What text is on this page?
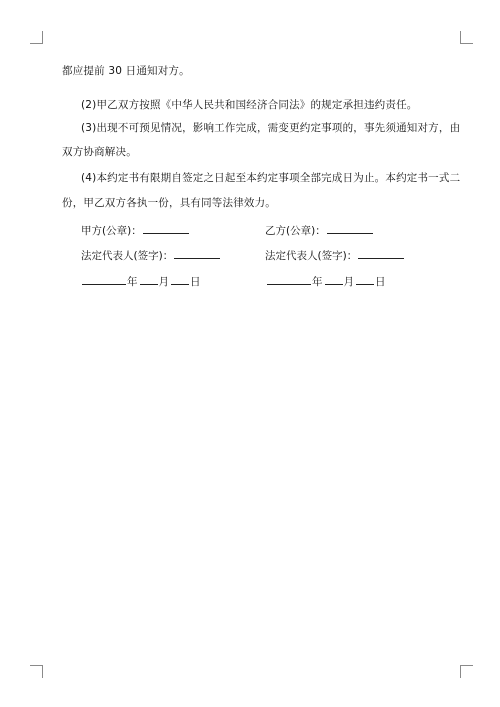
都应提前 30 日通知对方。
(2)甲乙双方按照《中华人民共和国经济合同法》的规定承担违约责任。
(3)出现不可预见情况，影响工作完成，需变更约定事项的，事先须通知对方，由
双方协商解决。
(4)本约定书有限期自签定之日起至本约定事项全部完成日为止。本约定书一式二
份，甲乙双方各执一份，具有同等法律效力。
甲方(公章)：	乙方(公章)：
法定代表人(签字)：	法定代表人(签字)：
年 月 日	年 月 日
